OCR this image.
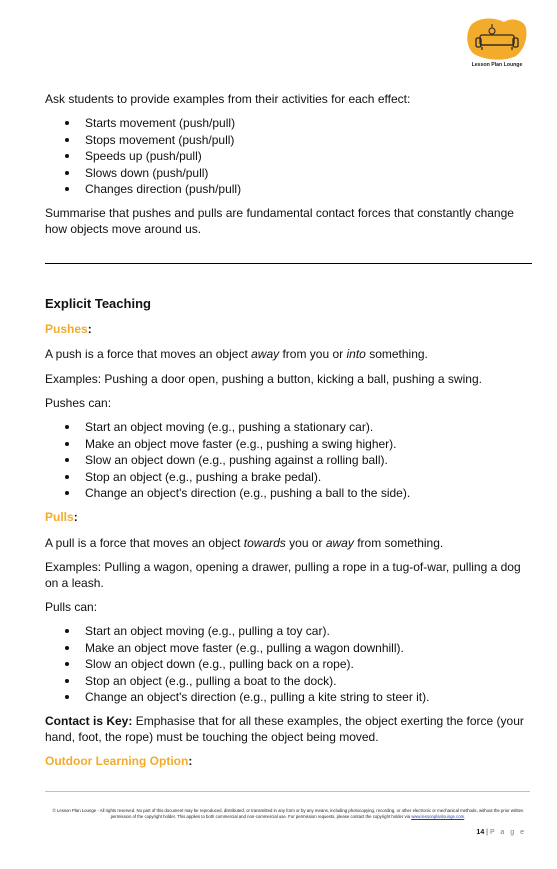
Lesson Plan Lounge
Ask students to provide examples from their activities for each effect:
Starts movement (push/pull)
Stops movement (push/pull)
Speeds up (push/pull)
Slows down (push/pull)
Changes direction (push/pull)
Summarise that pushes and pulls are fundamental contact forces that constantly change how objects move around us.
Explicit Teaching
Pushes:
A push is a force that moves an object away from you or into something.
Examples: Pushing a door open, pushing a button, kicking a ball, pushing a swing.
Pushes can:
Start an object moving (e.g., pushing a stationary car).
Make an object move faster (e.g., pushing a swing higher).
Slow an object down (e.g., pushing against a rolling ball).
Stop an object (e.g., pushing a brake pedal).
Change an object's direction (e.g., pushing a ball to the side).
Pulls:
A pull is a force that moves an object towards you or away from something.
Examples: Pulling a wagon, opening a drawer, pulling a rope in a tug-of-war, pulling a dog on a leash.
Pulls can:
Start an object moving (e.g., pulling a toy car).
Make an object move faster (e.g., pulling a wagon downhill).
Slow an object down (e.g., pulling back on a rope).
Stop an object (e.g., pulling a boat to the dock).
Change an object's direction (e.g., pulling a kite string to steer it).
Contact is Key: Emphasise that for all these examples, the object exerting the force (your hand, foot, the rope) must be touching the object being moved.
Outdoor Learning Option:
© Lesson Plan Lounge - All rights reserved. No part of this document may be reproduced, distributed, or transmitted in any form or by any means, including photocopying, recording, or other electronic or mechanical methods, without the prior written permission of the copyright holder. This applies to both commercial and non-commercial use. For permission requests, please contact the copyright holder via www.lessonplanlounge.com.
14 | P a g e
